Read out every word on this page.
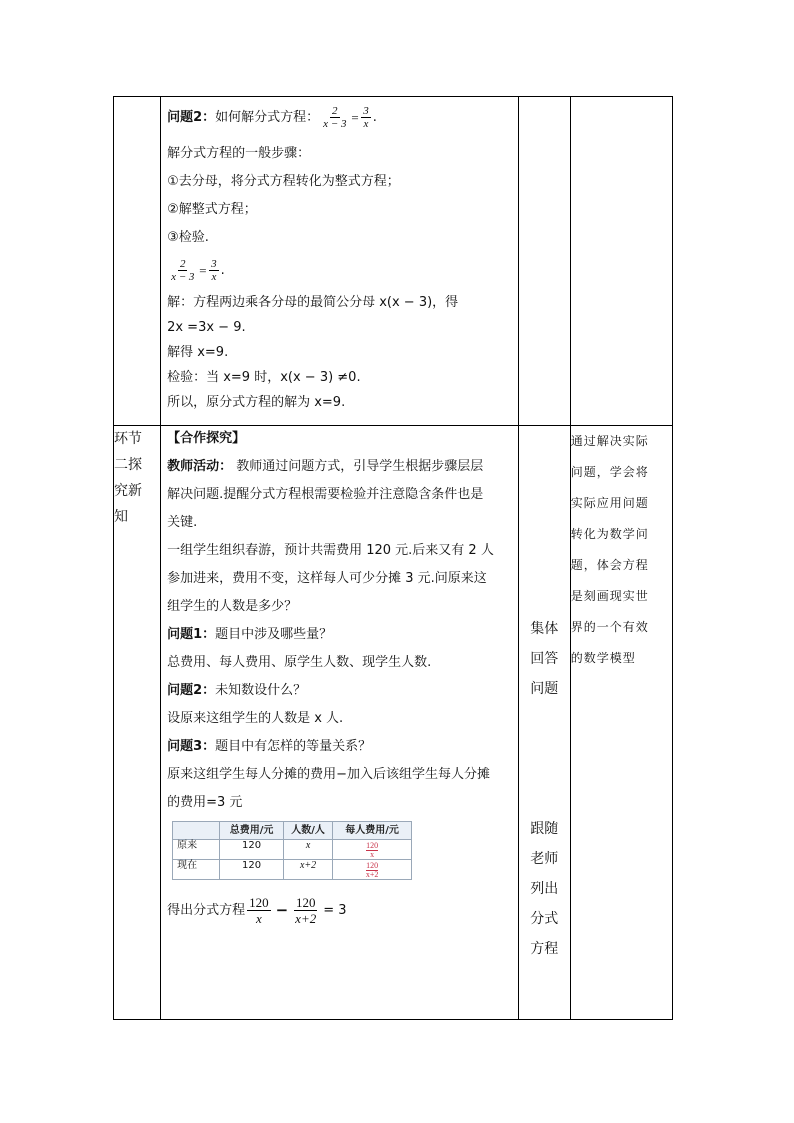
问题2： 如何解分式方程： $\frac{2}{x - 3} = \frac{3}{x}$ .

解分式方程的一般步骤：

①去分母，将分式方程转化为整式方程；

②解整式方程；

③检验.

$\frac{2}{x - 3} = \frac{3}{x}$ .

解：方程两边乘各分母的最简公分母 x(x − 3)，得

2x =3x − 9.

解得 x=9.

检验：当 x=9 时，x(x − 3) ≠0.

所以，原分式方程的解为 x=9.

环节
二探
究新
知

【合作探究】

教师活动： 教师通过问题方式，引导学生根据步骤层层

解决问题.提醒分式方程根需要检验并注意隐含条件也是

关键.

一组学生组织春游，预计共需费用 120 元.后来又有 2 人

参加进来，费用不变，这样每人可少分摊 3 元.问原来这

组学生的人数是多少？

问题1：题目中涉及哪些量？

总费用、每人费用、原学生人数、现学生人数.

问题2：未知数设什么？

设原来这组学生的人数是 x 人.

问题3：题目中有怎样的等量关系？

原来这组学生每人分摊的费用−加入后该组学生每人分摊

的费用=3 元

	总费用/元	人数/人	每人费用/元
原来	120	x	$\frac{120}{x}$

现在	120	x+2	$\frac{120}{x+2}$

得出分式方程 $\frac{120}{x} - \frac{120}{x+2} = 3$

集体
回答
问题
跟随
老师
列出
分式
方程

通过解决实际
问题，学会将
实际应用问题
转化为数学问
题，体会方程
是刻画现实世
界的一个有效
的数学模型
